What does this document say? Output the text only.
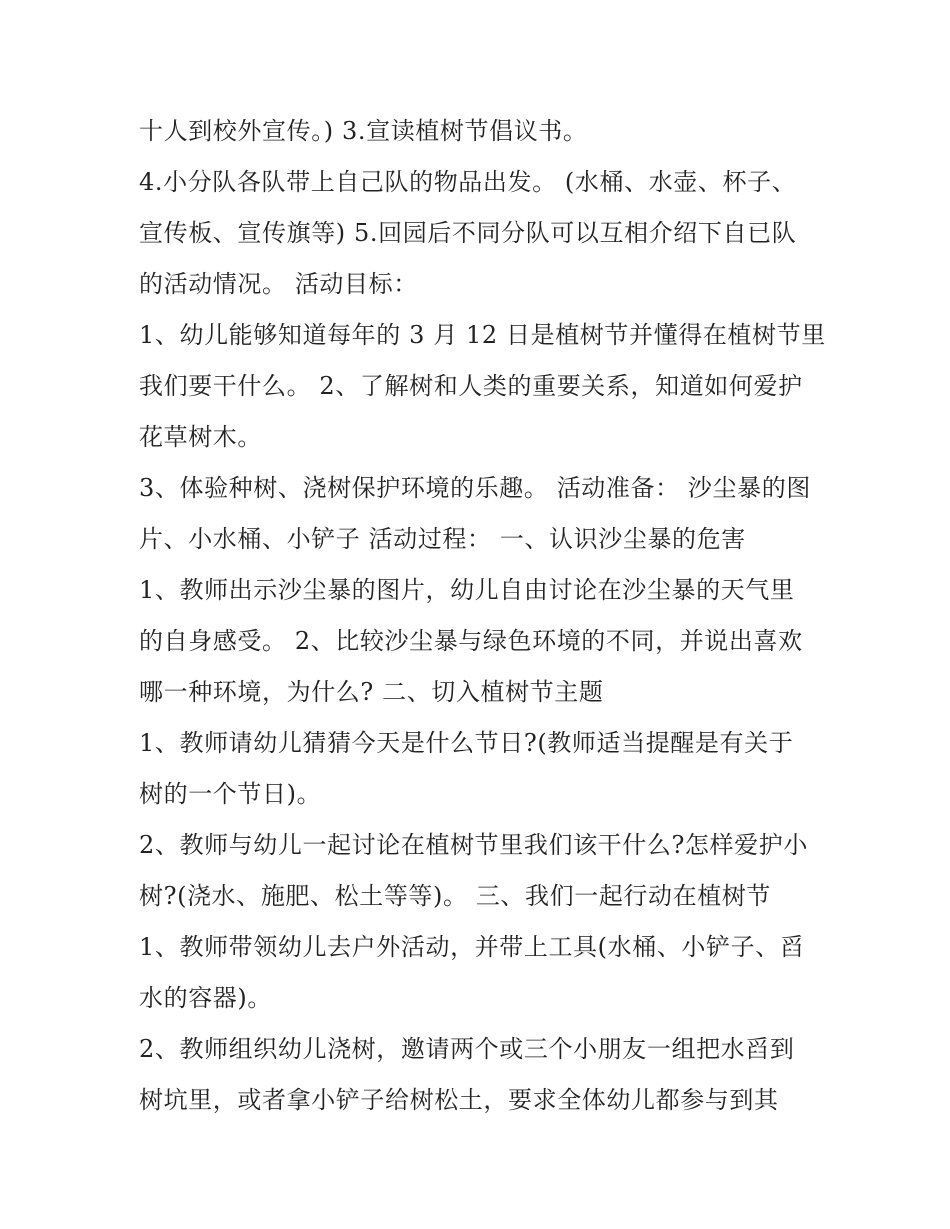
十人到校外宣传。) 3.宣读植树节倡议书。
4.小分队各队带上自己队的物品出发。 (水桶、水壶、杯子、
宣传板、宣传旗等) 5.回园后不同分队可以互相介绍下自已队
的活动情况。 活动目标：
1、幼儿能够知道每年的 3 月 12 日是植树节并懂得在植树节里
我们要干什么。 2、了解树和人类的重要关系，知道如何爱护
花草树木。
3、体验种树、浇树保护环境的乐趣。 活动准备： 沙尘暴的图
片、小水桶、小铲子 活动过程： 一、认识沙尘暴的危害
1、教师出示沙尘暴的图片，幼儿自由讨论在沙尘暴的天气里
的自身感受。 2、比较沙尘暴与绿色环境的不同，并说出喜欢
哪一种环境，为什么? 二、切入植树节主题
1、教师请幼儿猜猜今天是什么节日?(教师适当提醒是有关于
树的一个节日)。
2、教师与幼儿一起讨论在植树节里我们该干什么?怎样爱护小
树?(浇水、施肥、松土等等)。 三、我们一起行动在植树节
1、教师带领幼儿去户外活动，并带上工具(水桶、小铲子、舀
水的容器)。
2、教师组织幼儿浇树，邀请两个或三个小朋友一组把水舀到
树坑里，或者拿小铲子给树松土，要求全体幼儿都参与到其
